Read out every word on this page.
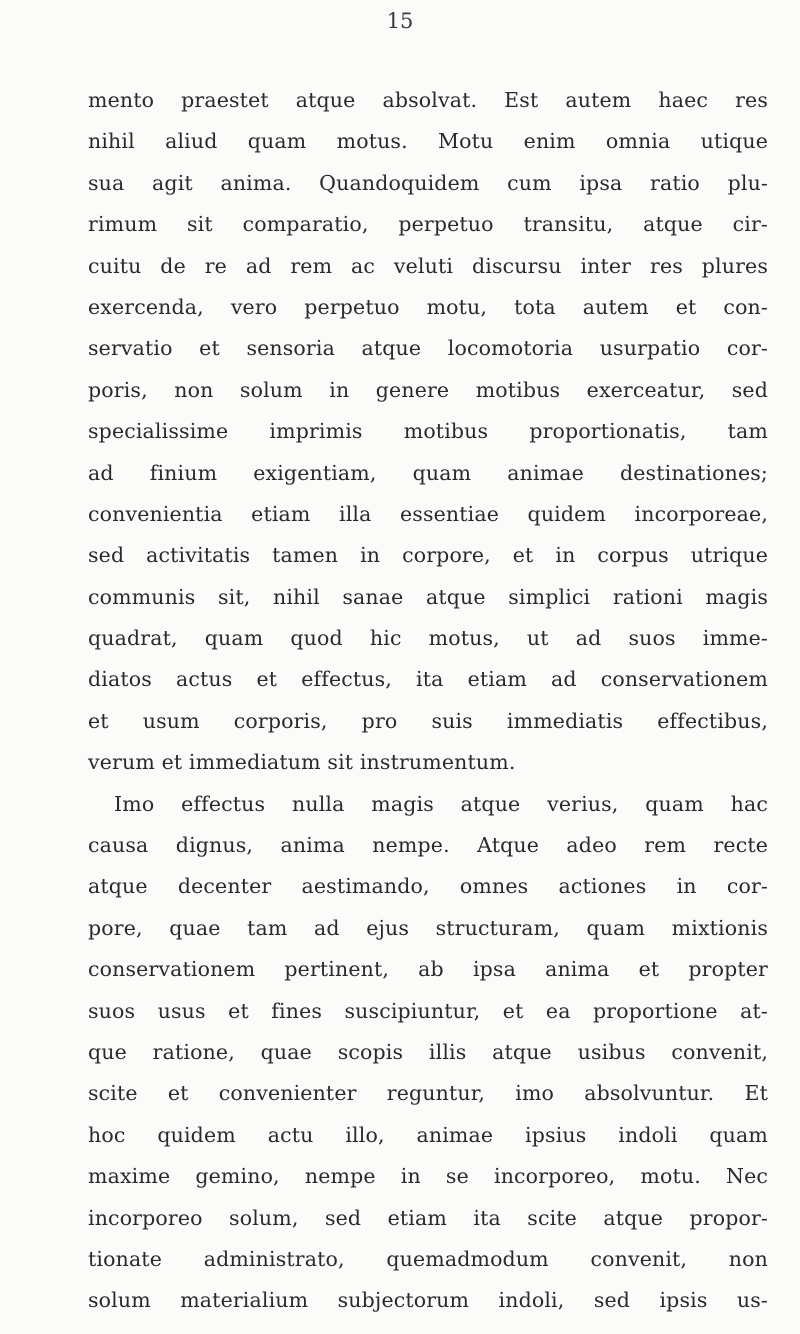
15
mento praestet atque absolvat. Est autem haec res
nihil aliud quam motus. Motu enim omnia utique
sua agit anima. Quandoquidem cum ipsa ratio plu-
rimum sit comparatio, perpetuo transitu, atque cir-
cuitu de re ad rem ac veluti discursu inter res plures
exercenda, vero perpetuo motu, tota autem et con-
servatio et sensoria atque locomotoria usurpatio cor-
poris, non solum in genere motibus exerceatur, sed
specialissime imprimis motibus proportionatis, tam
ad finium exigentiam, quam animae destinationes;
convenientia etiam illa essentiae quidem incorporeae,
sed activitatis tamen in corpore, et in corpus utrique
communis sit, nihil sanae atque simplici rationi magis
quadrat, quam quod hic motus, ut ad suos imme-
diatos actus et effectus, ita etiam ad conservationem
et usum corporis, pro suis immediatis effectibus,
verum et immediatum sit instrumentum.
Imo effectus nulla magis atque verius, quam hac
causa dignus, anima nempe. Atque adeo rem recte
atque decenter aestimando, omnes actiones in cor-
pore, quae tam ad ejus structuram, quam mixtionis
conservationem pertinent, ab ipsa anima et propter
suos usus et fines suscipiuntur, et ea proportione at-
que ratione, quae scopis illis atque usibus convenit,
scite et convenienter reguntur, imo absolvuntur. Et
hoc quidem actu illo, animae ipsius indoli quam
maxime gemino, nempe in se incorporeo, motu. Nec
incorporeo solum, sed etiam ita scite atque propor-
tionate administrato, quemadmodum convenit, non
solum materialium subjectorum indoli, sed ipsis us-
